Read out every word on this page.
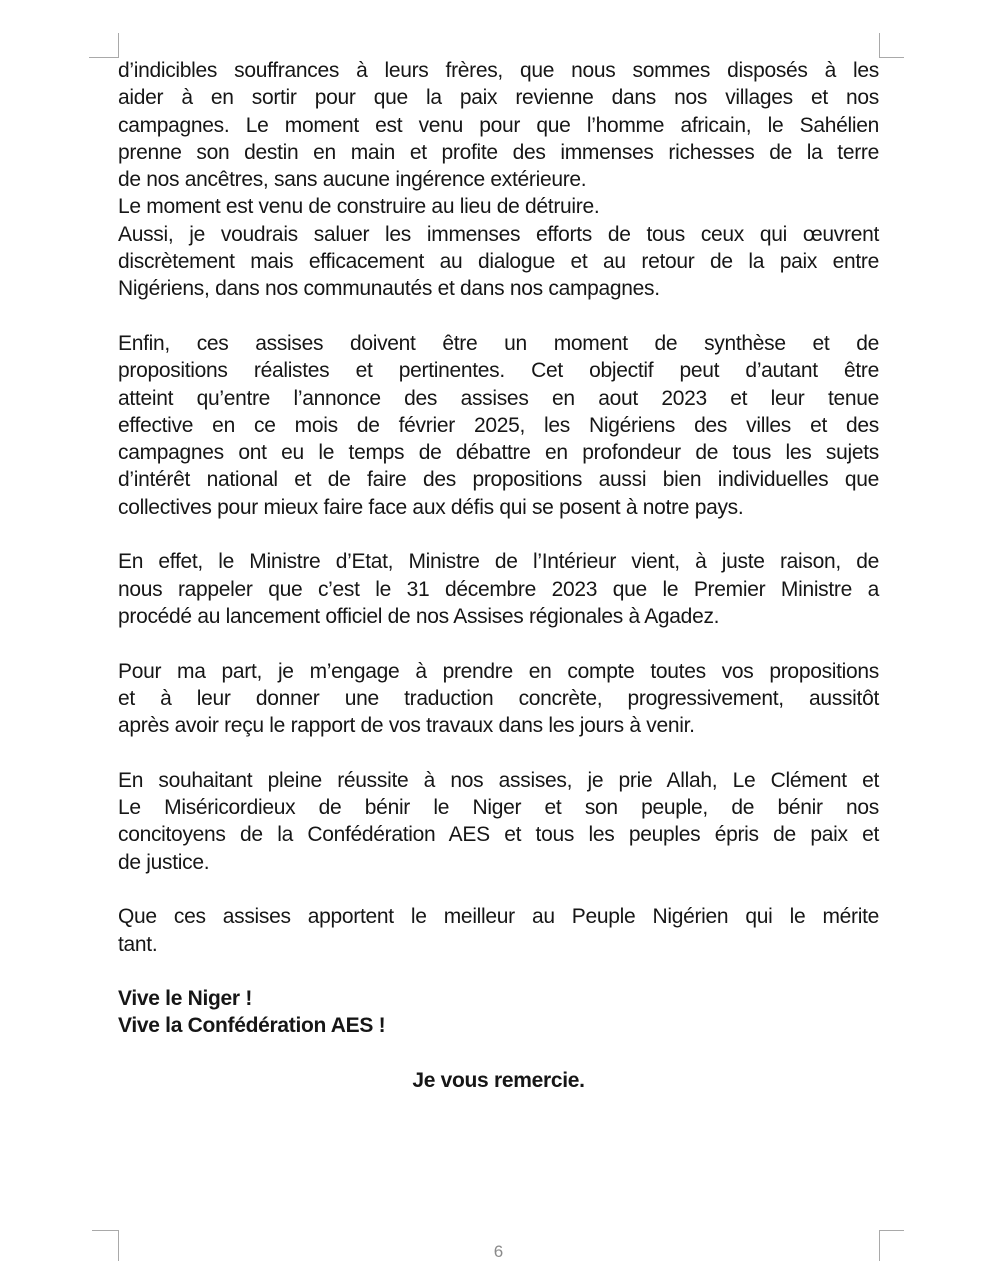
d’indicibles souffrances à leurs frères, que nous sommes disposés à les
aider à en sortir pour que la paix revienne dans nos villages et nos
campagnes. Le moment est venu pour que l’homme africain, le Sahélien
prenne son destin en main et profite des immenses richesses de la terre
de nos ancêtres, sans aucune ingérence extérieure.
Le moment est venu de construire au lieu de détruire.
Aussi, je voudrais saluer les immenses efforts de tous ceux qui œuvrent
discrètement mais efficacement au dialogue et au retour de la paix entre
Nigériens, dans nos communautés et dans nos campagnes.
Enfin, ces assises doivent être un moment de synthèse et de
propositions réalistes et pertinentes. Cet objectif peut d’autant être
atteint qu’entre l’annonce des assises en aout 2023 et leur tenue
effective en ce mois de février 2025, les Nigériens des villes et des
campagnes ont eu le temps de débattre en profondeur de tous les sujets
d’intérêt national et de faire des propositions aussi bien individuelles que
collectives pour mieux faire face aux défis qui se posent à notre pays.
En effet, le Ministre d’Etat, Ministre de l’Intérieur vient, à juste raison, de
nous rappeler que c’est le 31 décembre 2023 que le Premier Ministre a
procédé au lancement officiel de nos Assises régionales à Agadez.
Pour ma part, je m’engage à prendre en compte toutes vos propositions
et à leur donner une traduction concrète, progressivement, aussitôt
après avoir reçu le rapport de vos travaux dans les jours à venir.
En souhaitant pleine réussite à nos assises, je prie Allah, Le Clément et
Le Miséricordieux de bénir le Niger et son peuple, de bénir nos
concitoyens de la Confédération AES et tous les peuples épris de paix et
de justice.
Que ces assises apportent le meilleur au Peuple Nigérien qui le mérite
tant.
Vive le Niger !
Vive la Confédération AES !
Je vous remercie.
6
